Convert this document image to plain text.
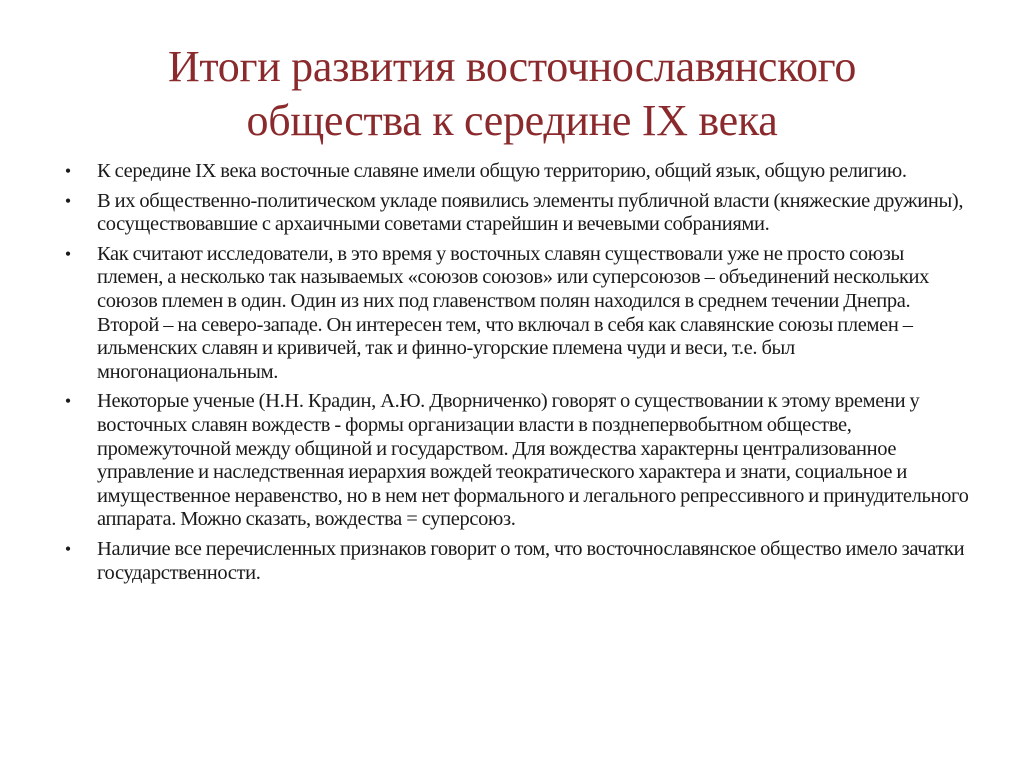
Итоги развития восточнославянского
общества к середине IX века
• К середине IX века восточные славяне имели общую территорию, общий язык, общую религию.
• В их общественно-политическом укладе появились элементы публичной власти (княжеские дружины), сосуществовавшие с архаичными советами старейшин и вечевыми собраниями.
• Как считают исследователи, в это время у восточных славян существовали уже не просто союзы племен, а несколько так называемых «союзов союзов» или суперсоюзов – объединений нескольких союзов племен в один. Один из них под главенством полян находился в среднем течении Днепра. Второй – на северо-западе. Он интересен тем, что включал в себя как славянские союзы племен – ильменских славян и кривичей, так и финно-угорские племена чуди и веси, т.е. был многонациональным.
• Некоторые ученые (Н.Н. Крадин, А.Ю. Дворниченко) говорят о существовании к этому времени у восточных славян вождеств - формы организации власти в позднепервобытном обществе, промежуточной между общиной и государством. Для вождества характерны централизованное управление и наследственная иерархия вождей теократического характера и знати, социальное и имущественное неравенство, но в нем нет формального и легального репрессивного и принудительного аппарата. Можно сказать, вождества = суперсоюз.
• Наличие все перечисленных признаков говорит о том, что восточнославянское общество имело зачатки государственности.
